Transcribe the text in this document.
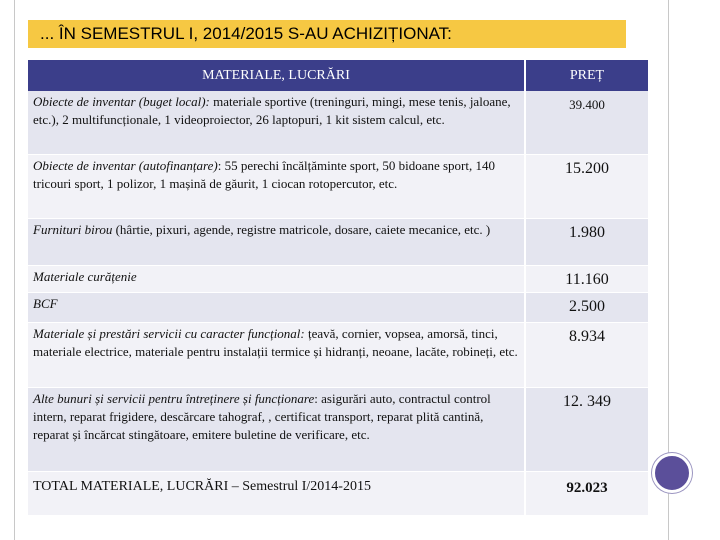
... ÎN SEMESTRUL I, 2014/2015 S-AU ACHIZIȚIONAT:
MATERIALE, LUCRĂRI	PREȚ
Obiecte de inventar (buget local): materiale sportive (treninguri, mingi, mese tenis, jaloane, etc.), 2 multifuncționale, 1 videoproiector, 26 laptopuri, 1 kit sistem calcul, etc.	39.400
Obiecte de inventar (autofinanțare): 55 perechi încălțăminte sport, 50 bidoane sport, 140 tricouri sport, 1 polizor, 1 mașină de găurit, 1 ciocan rotopercutor, etc.	15.200
Furnituri birou (hârtie, pixuri, agende, registre matricole, dosare, caiete mecanice, etc. )	1.980
Materiale curățenie	11.160
BCF	2.500
Materiale și prestări servicii cu caracter funcțional: țeavă, cornier, vopsea, amorsă, tinci, materiale electrice, materiale pentru instalații termice și hidranți, neoane, lacăte, robineți, etc.	8.934
Alte bunuri și servicii pentru întreținere și funcționare: asigurări auto, contractul control intern, reparat frigidere, descărcare tahograf, , certificat transport, reparat plită cantină, reparat și încărcat stingătoare, emitere buletine de verificare, etc.	12. 349
TOTAL MATERIALE, LUCRĂRI – Semestrul I/2014-2015	92.023
